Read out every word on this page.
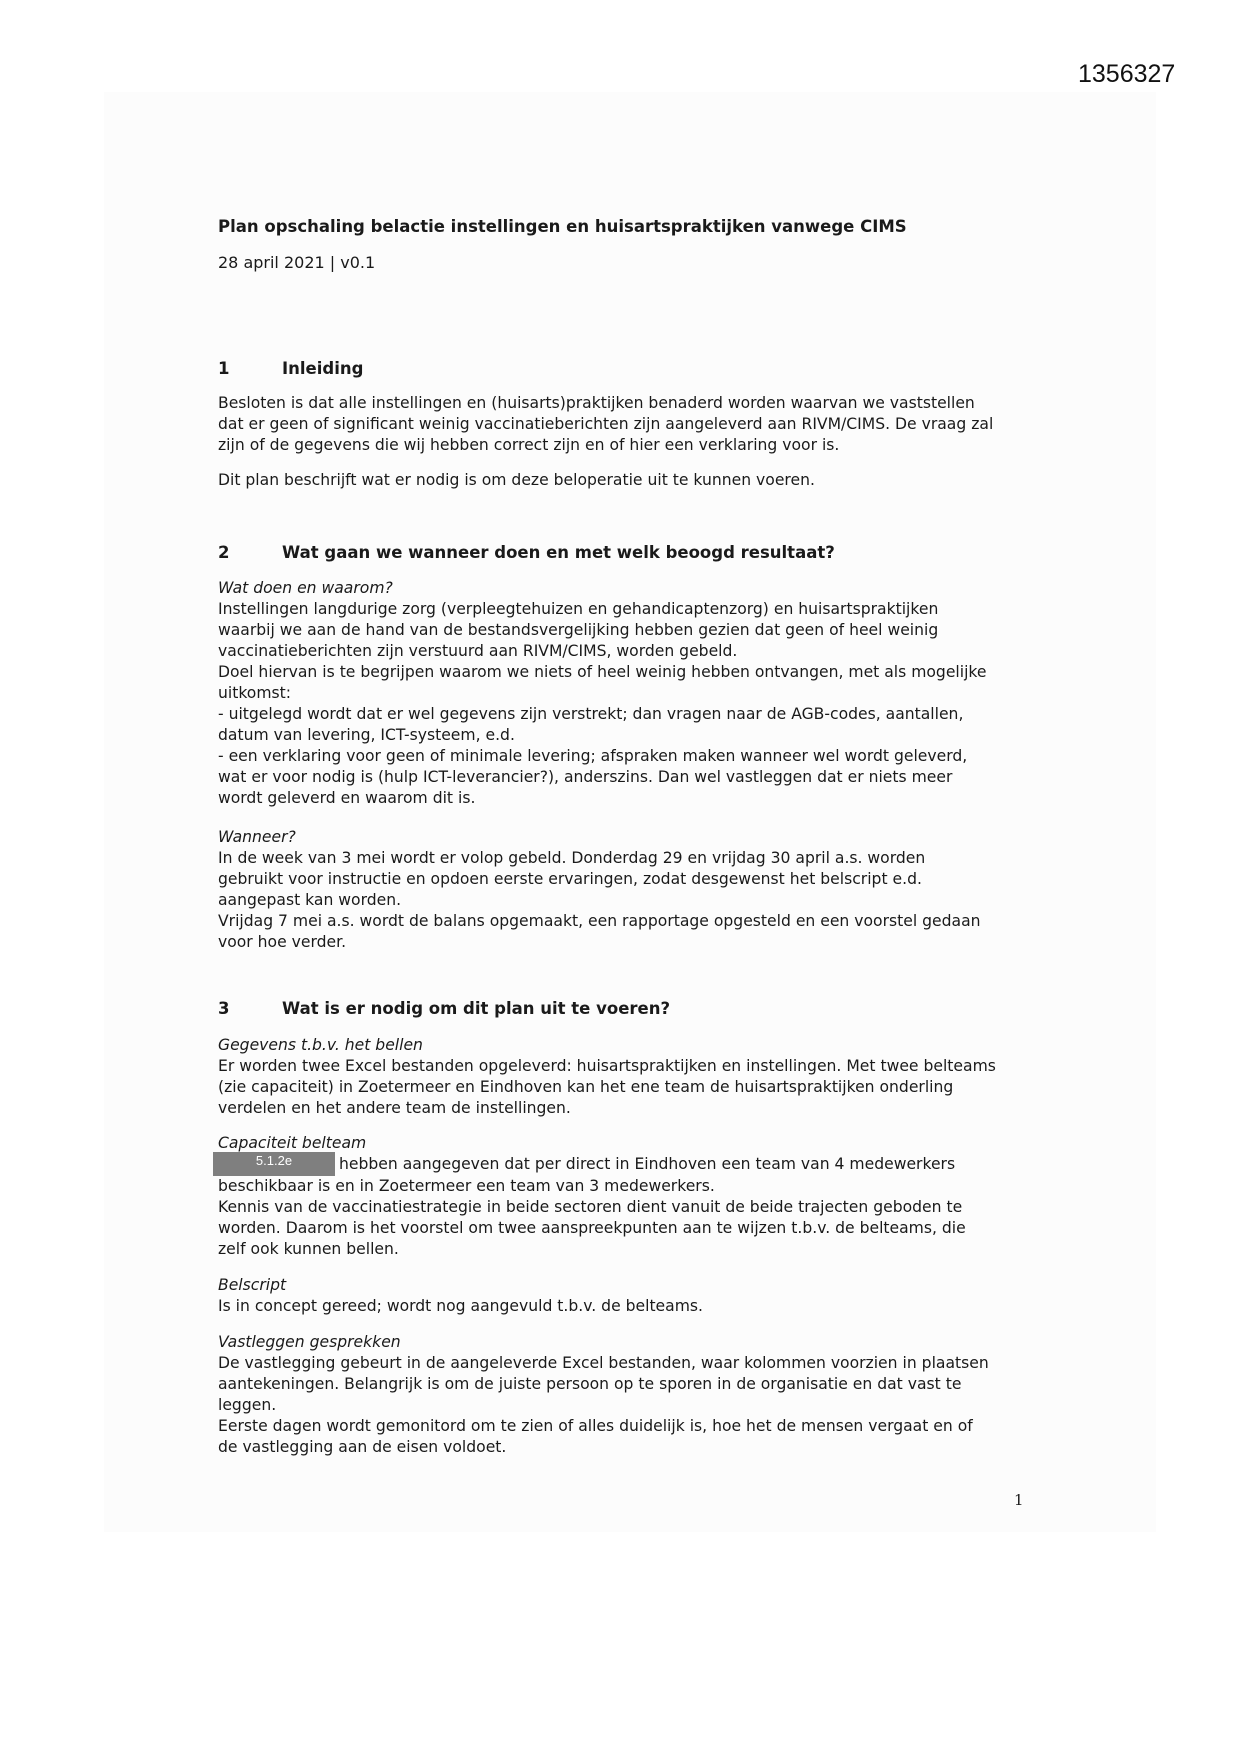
1356327
Plan opschaling belactie instellingen en huisartspraktijken vanwege CIMS
28 april 2021 | v0.1
1	Inleiding

Besloten is dat alle instellingen en (huisarts)praktijken benaderd worden waarvan we vaststellen

dat er geen of significant weinig vaccinatieberichten zijn aangeleverd aan RIVM/CIMS. De vraag zal

zijn of de gegevens die wij hebben correct zijn en of hier een verklaring voor is.

Dit plan beschrijft wat er nodig is om deze beloperatie uit te kunnen voeren.

2	Wat gaan we wanneer doen en met welk beoogd resultaat?

Wat doen en waarom?

Instellingen langdurige zorg (verpleegtehuizen en gehandicaptenzorg) en huisartspraktijken

waarbij we aan de hand van de bestandsvergelijking hebben gezien dat geen of heel weinig

vaccinatieberichten zijn verstuurd aan RIVM/CIMS, worden gebeld.

Doel hiervan is te begrijpen waarom we niets of heel weinig hebben ontvangen, met als mogelijke

uitkomst:

- uitgelegd wordt dat er wel gegevens zijn verstrekt; dan vragen naar de AGB-codes, aantallen,

datum van levering, ICT-systeem, e.d.

- een verklaring voor geen of minimale levering; afspraken maken wanneer wel wordt geleverd,

wat er voor nodig is (hulp ICT-leverancier?), anderszins. Dan wel vastleggen dat er niets meer

wordt geleverd en waarom dit is.

Wanneer?

In de week van 3 mei wordt er volop gebeld. Donderdag 29 en vrijdag 30 april a.s. worden

gebruikt voor instructie en opdoen eerste ervaringen, zodat desgewenst het belscript e.d.

aangepast kan worden.

Vrijdag 7 mei a.s. wordt de balans opgemaakt, een rapportage opgesteld en een voorstel gedaan

voor hoe verder.

3	Wat is er nodig om dit plan uit te voeren?

Gegevens t.b.v. het bellen

Er worden twee Excel bestanden opgeleverd: huisartspraktijken en instellingen. Met twee belteams

(zie capaciteit) in Zoetermeer en Eindhoven kan het ene team de huisartspraktijken onderling

verdelen en het andere team de instellingen.

Capaciteit belteam

5.1.2e	hebben aangegeven dat per direct in Eindhoven een team van 4 medewerkers

beschikbaar is en in Zoetermeer een team van 3 medewerkers.

Kennis van de vaccinatiestrategie in beide sectoren dient vanuit de beide trajecten geboden te

worden. Daarom is het voorstel om twee aanspreekpunten aan te wijzen t.b.v. de belteams, die

zelf ook kunnen bellen.

Belscript

Is in concept gereed; wordt nog aangevuld t.b.v. de belteams.

Vastleggen gesprekken

De vastlegging gebeurt in de aangeleverde Excel bestanden, waar kolommen voorzien in plaatsen

aantekeningen. Belangrijk is om de juiste persoon op te sporen in de organisatie en dat vast te

leggen.

Eerste dagen wordt gemonitord om te zien of alles duidelijk is, hoe het de mensen vergaat en of

de vastlegging aan de eisen voldoet.

1
